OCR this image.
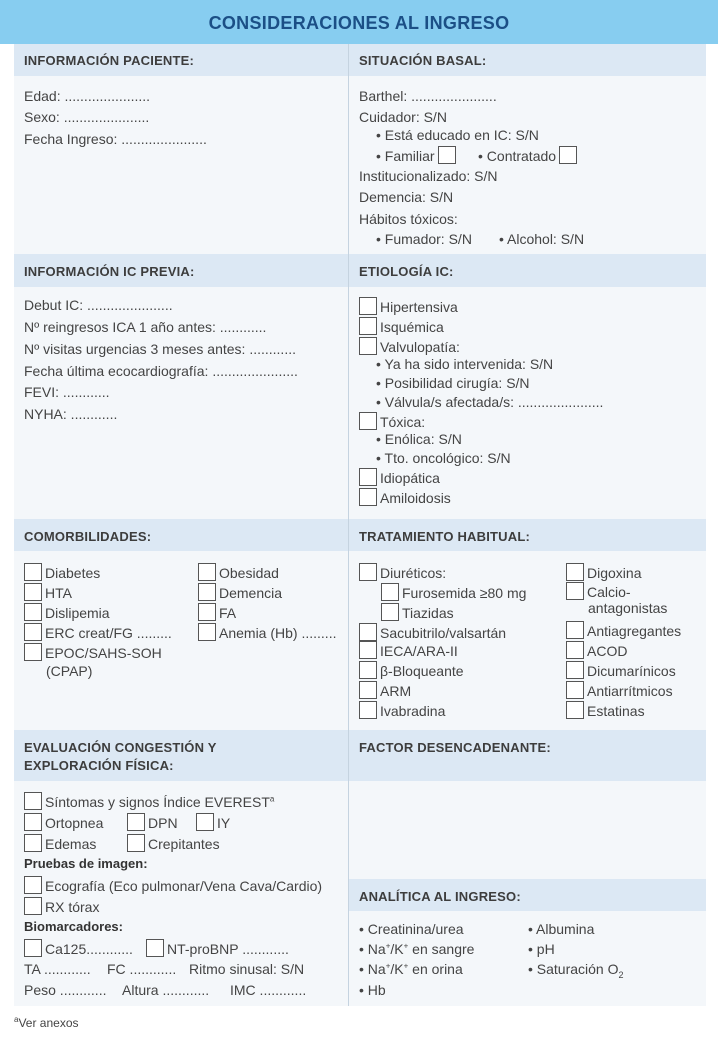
CONSIDERACIONES AL INGRESO
INFORMACIÓN PACIENTE:	SITUACIÓN BASAL:
Edad: ......................
Sexo: ......................
Fecha Ingreso: ......................
Barthel: ......................
Cuidador: S/N
• Está educado en IC: S/N
• Familiar	• Contratado
Institucionalizado: S/N
Demencia: S/N
Hábitos tóxicos:
• Fumador: S/N • Alcohol: S/N
INFORMACIÓN IC PREVIA:	ETIOLOGÍA IC:
Debut IC: ......................
Nº reingresos ICA 1 año antes: ............
Nº visitas urgencias 3 meses antes: ............
Fecha última ecocardiografía: ......................
FEVI: ............
NYHA: ............
Hipertensiva
Isquémica
Valvulopatía:
• Ya ha sido intervenida: S/N
• Posibilidad cirugía: S/N
• Válvula/s afectada/s: ......................
Tóxica:
• Enólica: S/N
• Tto. oncológico: S/N
Idiopática
Amiloidosis
COMORBILIDADES:	TRATAMIENTO HABITUAL:
Diabetes
HTA
Dislipemia
ERC creat/FG .........
EPOC/SAHS-SOH
(CPAP)
Obesidad
Demencia
FA
Anemia (Hb) .........
Diuréticos:
Furosemida ≥80 mg
Tiazidas
Sacubitrilo/valsartán
IECA/ARA-II
β-Bloqueante
ARM
Ivabradina
Digoxina
Calcio-
antagonistas
Antiagregantes
ACOD
Dicumarínicos
Antiarrítmicos
Estatinas
EVALUACIÓN CONGESTIÓN Y
EXPLORACIÓN FÍSICA:
FACTOR DESENCADENANTE:
ANALÍTICA AL INGRESO:
Síntomas y signos Índice EVEREST$^a$
Ortopnea	DPN	IY
Edemas	Crepitantes
Pruebas de imagen:
Ecografía (Eco pulmonar/Vena Cava/Cardio)
RX tórax
Biomarcadores:
Ca125............	NT-proBNP ............
TA ............ FC ............ Ritmo sinusal: S/N
Peso ............ Altura ............ IMC ............
• Creatinina/urea
• Na+/K+ en sangre
• Na+/K+ en orina
• Hb
• Albumina
• pH
• Saturación $O_2$
$^a$Ver anexos
